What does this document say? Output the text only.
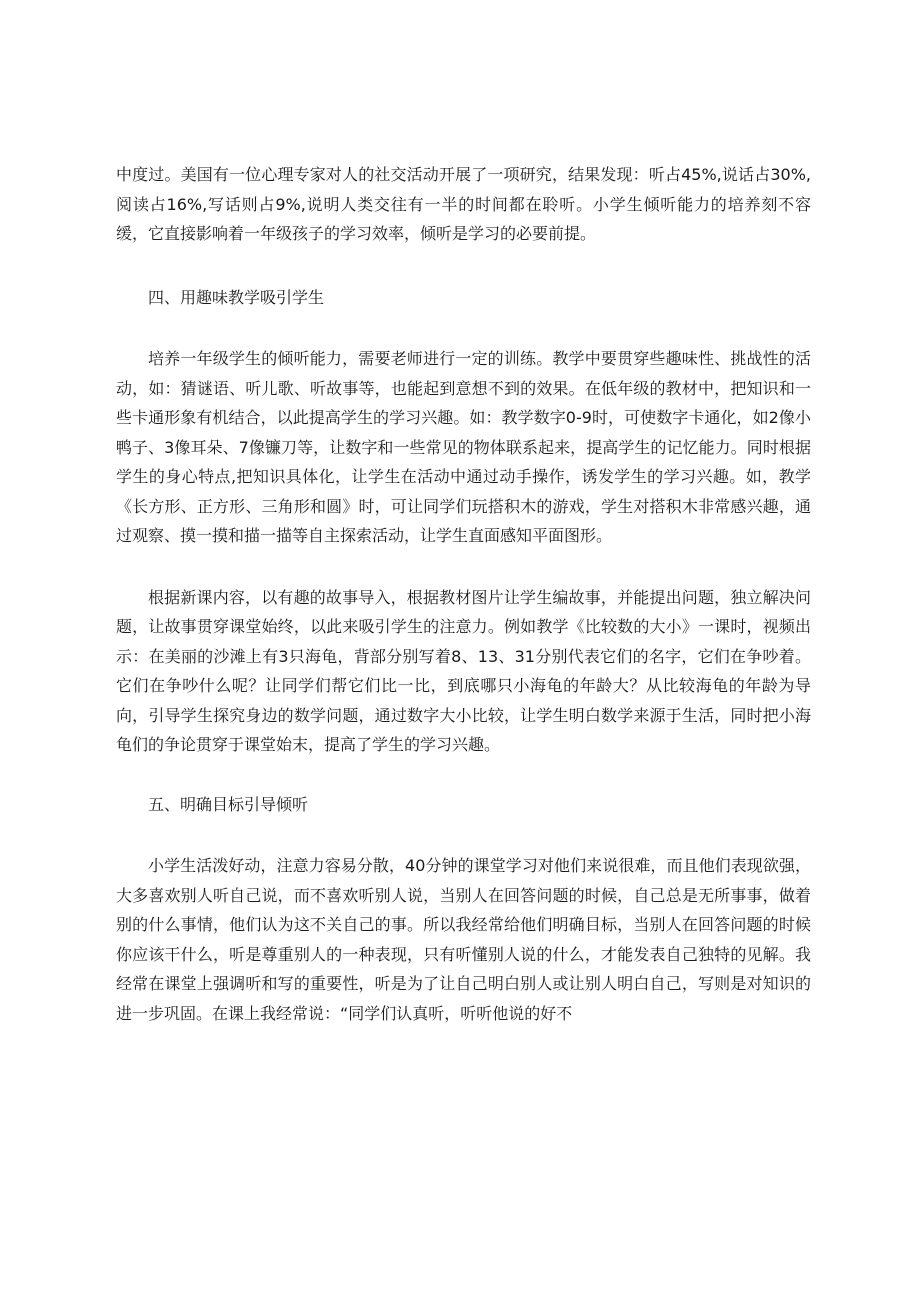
中度过。美国有一位心理专家对人的社交活动开展了一项研究，结果发现：听占45%,说话占30%,阅读占16%,写话则占9%,说明人类交往有一半的时间都在聆听。小学生倾听能力的培养刻不容缓，它直接影响着一年级孩子的学习效率，倾听是学习的必要前提。

四、用趣味教学吸引学生

培养一年级学生的倾听能力，需要老师进行一定的训练。教学中要贯穿些趣味性、挑战性的活动，如：猜谜语、听儿歌、听故事等，也能起到意想不到的效果。在低年级的教材中，把知识和一些卡通形象有机结合，以此提高学生的学习兴趣。如：教学数字0-9时，可使数字卡通化，如2像小鸭子、3像耳朵、7像镰刀等，让数字和一些常见的物体联系起来，提高学生的记忆能力。同时根据学生的身心特点,把知识具体化，让学生在活动中通过动手操作，诱发学生的学习兴趣。如，教学《长方形、正方形、三角形和圆》时，可让同学们玩搭积木的游戏，学生对搭积木非常感兴趣，通过观察、摸一摸和描一描等自主探索活动，让学生直面感知平面图形。

根据新课内容，以有趣的故事导入，根据教材图片让学生编故事，并能提出问题，独立解决问题，让故事贯穿课堂始终，以此来吸引学生的注意力。例如教学《比较数的大小》一课时，视频出示：在美丽的沙滩上有3只海龟，背部分别写着8、13、31分别代表它们的名字，它们在争吵着。它们在争吵什么呢？让同学们帮它们比一比，到底哪只小海龟的年龄大？从比较海龟的年龄为导向，引导学生探究身边的数学问题，通过数字大小比较，让学生明白数学来源于生活，同时把小海龟们的争论贯穿于课堂始末，提高了学生的学习兴趣。

五、明确目标引导倾听

小学生活泼好动，注意力容易分散，40分钟的课堂学习对他们来说很难，而且他们表现欲强，大多喜欢别人听自己说，而不喜欢听别人说，当别人在回答问题的时候，自己总是无所事事，做着别的什么事情，他们认为这不关自己的事。所以我经常给他们明确目标，当别人在回答问题的时候你应该干什么，听是尊重别人的一种表现，只有听懂别人说的什么，才能发表自己独特的见解。我经常在课堂上强调听和写的重要性，听是为了让自己明白别人或让别人明白自己，写则是对知识的进一步巩固。在课上我经常说：“同学们认真听，听听他说的好不
